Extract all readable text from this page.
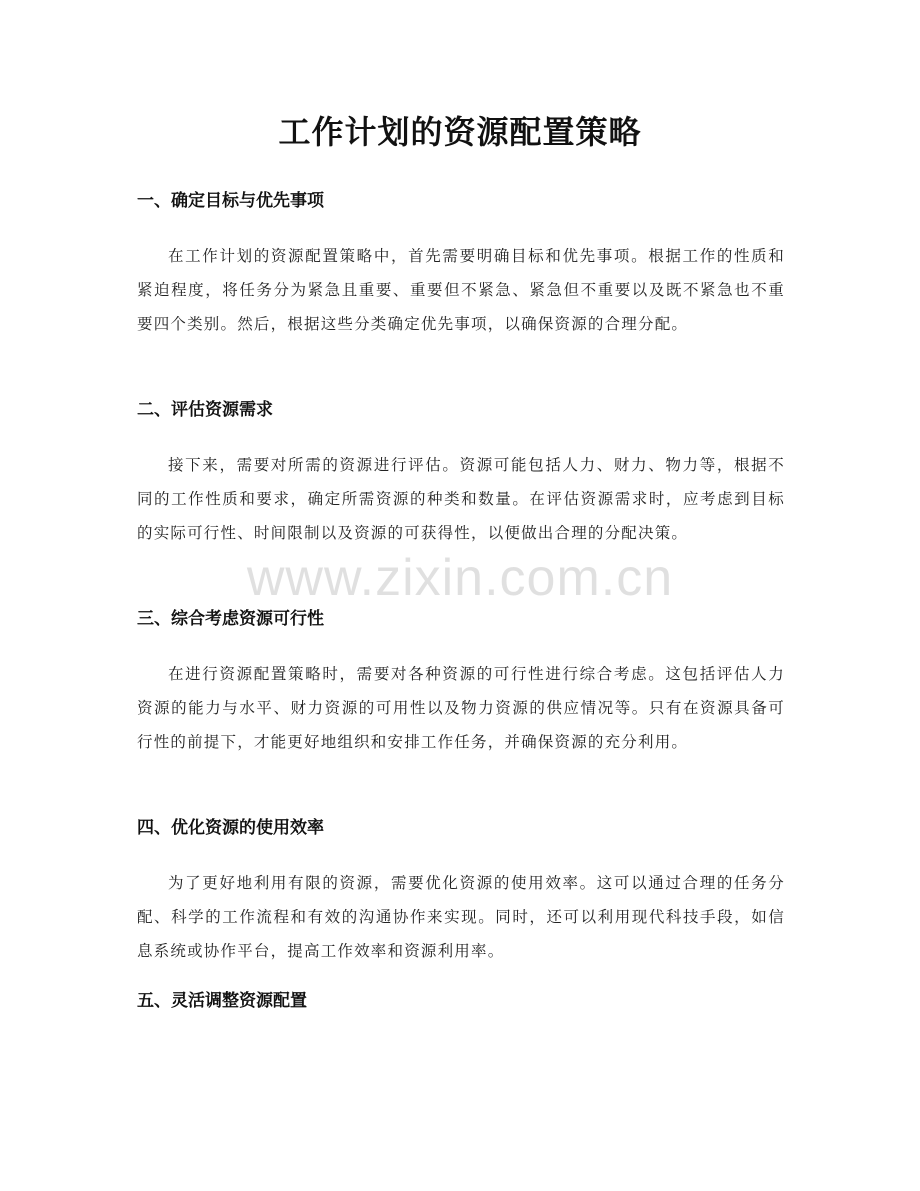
工作计划的资源配置策略
一、确定目标与优先事项

在工作计划的资源配置策略中，首先需要明确目标和优先事项。根据工作的性质和紧迫程度，将任务分为紧急且重要、重要但不紧急、紧急但不重要以及既不紧急也不重要四个类别。然后，根据这些分类确定优先事项，以确保资源的合理分配。

二、评估资源需求

接下来，需要对所需的资源进行评估。资源可能包括人力、财力、物力等，根据不同的工作性质和要求，确定所需资源的种类和数量。在评估资源需求时，应考虑到目标的实际可行性、时间限制以及资源的可获得性，以便做出合理的分配决策。

三、综合考虑资源可行性

在进行资源配置策略时，需要对各种资源的可行性进行综合考虑。这包括评估人力资源的能力与水平、财力资源的可用性以及物力资源的供应情况等。只有在资源具备可行性的前提下，才能更好地组织和安排工作任务，并确保资源的充分利用。

四、优化资源的使用效率

为了更好地利用有限的资源，需要优化资源的使用效率。这可以通过合理的任务分配、科学的工作流程和有效的沟通协作来实现。同时，还可以利用现代科技手段，如信息系统或协作平台，提高工作效率和资源利用率。

五、灵活调整资源配置
www.zixin.com.cn
